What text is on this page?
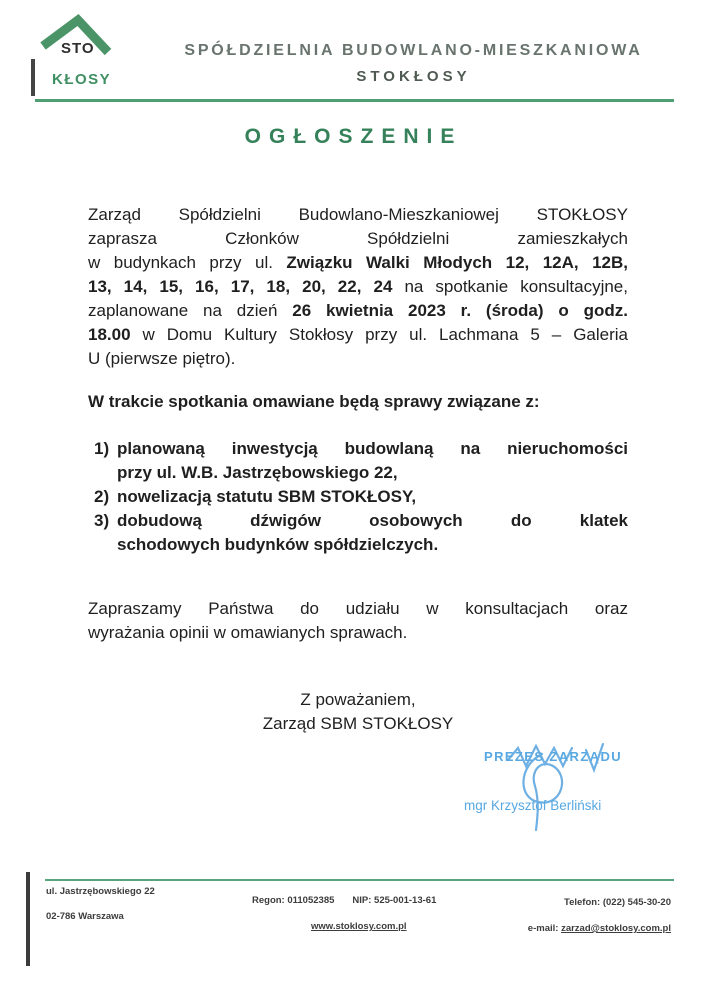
STO
KŁOSY
SPÓŁDZIELNIA BUDOWLANO-MIESZKANIOWA
STOKŁOSY
OGŁOSZENIE
Zarząd Spółdzielni Budowlano-Mieszkaniowej STOKŁOSY
zaprasza Członków Spółdzielni zamieszkałych
w budynkach przy ul. Związku Walki Młodych 12, 12A, 12B,
13, 14, 15, 16, 17, 18, 20, 22, 24 na spotkanie konsultacyjne,
zaplanowane na dzień 26 kwietnia 2023 r. (środa) o godz.
18.00 w Domu Kultury Stokłosy przy ul. Lachmana 5 – Galeria
U (pierwsze piętro).
W trakcie spotkania omawiane będą sprawy związane z:
1) planowaną inwestycją budowlaną na nieruchomości
przy ul. W.B. Jastrzębowskiego 22,
2) nowelizacją statutu SBM STOKŁOSY,
3) dobudową dźwigów osobowych do klatek
schodowych budynków spółdzielczych.
Zapraszamy Państwa do udziału w konsultacjach oraz
wyrażania opinii w omawianych sprawach.
Z poważaniem,
Zarząd SBM STOKŁOSY
PREZES ZARZĄDU
mgr Krzysztof Berliński
ul. Jastrzębowskiego 22
02-786 Warszawa
Regon: 011052385 NIP: 525-001-13-61
www.stoklosy.com.pl
Telefon: (022) 545-30-20
e-mail: zarzad@stoklosy.com.pl
